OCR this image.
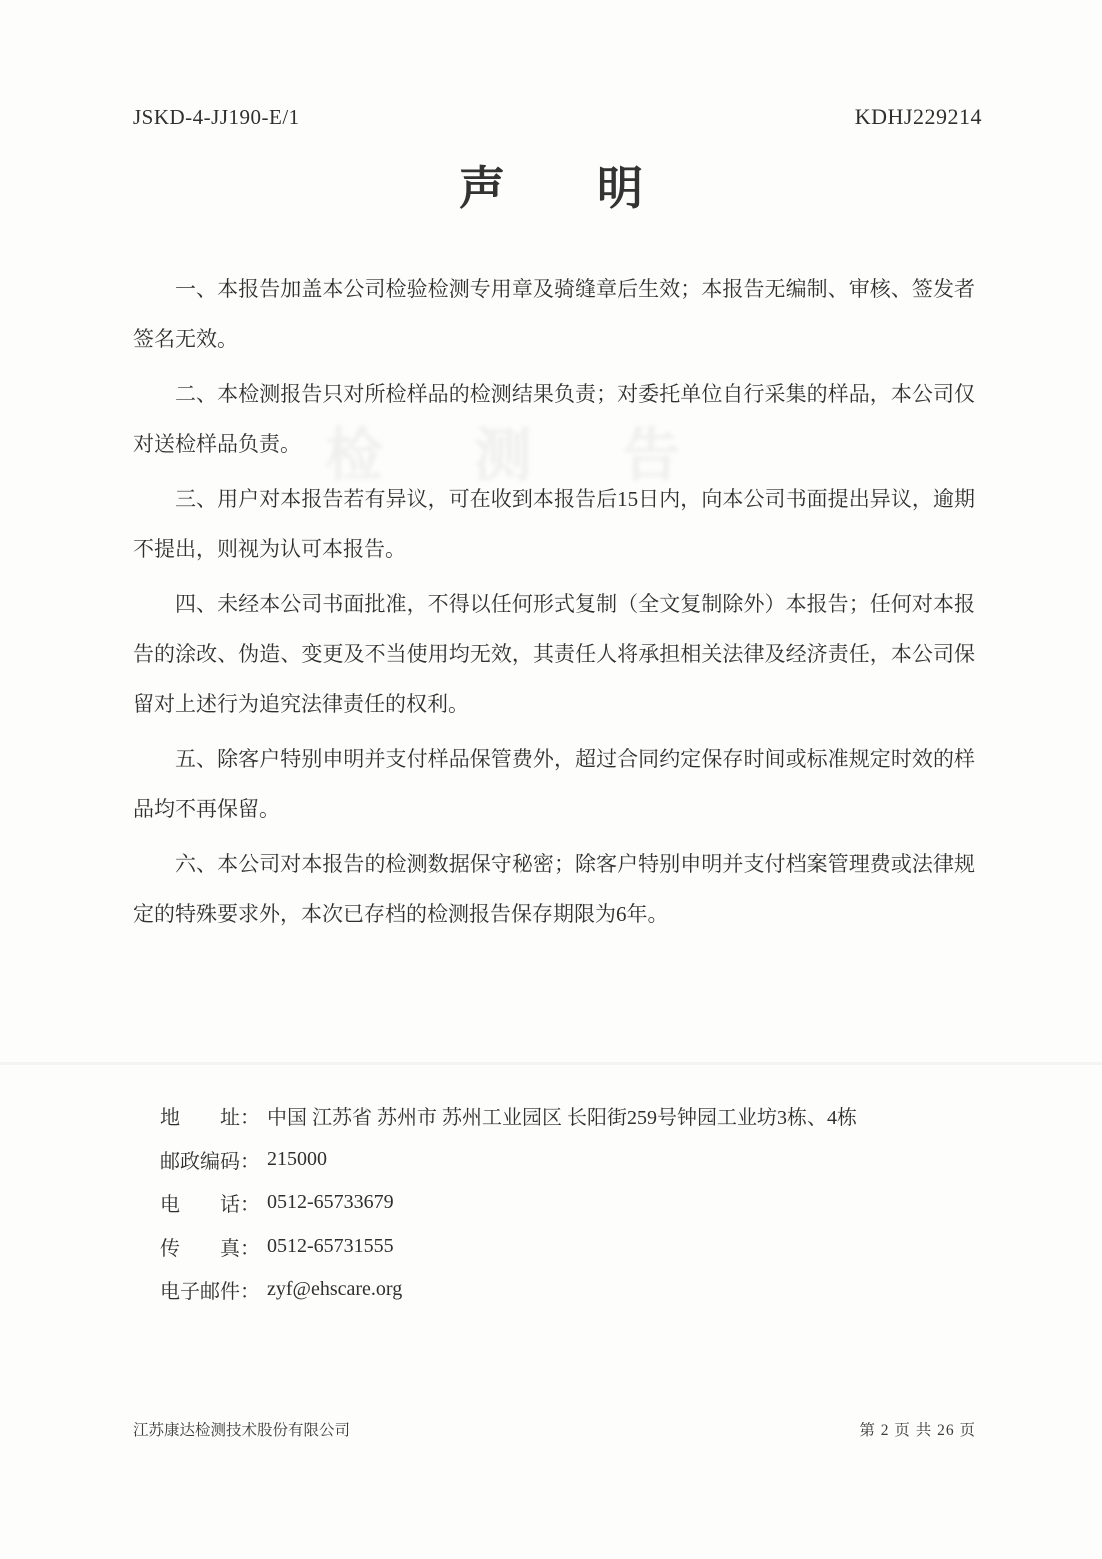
JSKD-4-JJ190-E/1	KDHJ229214
声　　明
检 测 告

一、本报告加盖本公司检验检测专用章及骑缝章后生效；本报告无编制、审核、签发者签名无效。

二、本检测报告只对所检样品的检测结果负责；对委托单位自行采集的样品，本公司仅对送检样品负责。

三、用户对本报告若有异议，可在收到本报告后15日内，向本公司书面提出异议，逾期不提出，则视为认可本报告。

四、未经本公司书面批准，不得以任何形式复制（全文复制除外）本报告；任何对本报告的涂改、伪造、变更及不当使用均无效，其责任人将承担相关法律及经济责任，本公司保留对上述行为追究法律责任的权利。

五、除客户特别申明并支付样品保管费外，超过合同约定保存时间或标准规定时效的样品均不再保留。

六、本公司对本报告的检测数据保守秘密；除客户特别申明并支付档案管理费或法律规定的特殊要求外，本次已存档的检测报告保存期限为6年。

地　　址： 中国 江苏省 苏州市 苏州工业园区 长阳街259号钟园工业坊3栋、4栋
邮政编码： 215000
电　　话： 0512-65733679
传　　真： 0512-65731555
电子邮件： zyf@ehscare.org
江苏康达检测技术股份有限公司	第 2 页 共 26 页
